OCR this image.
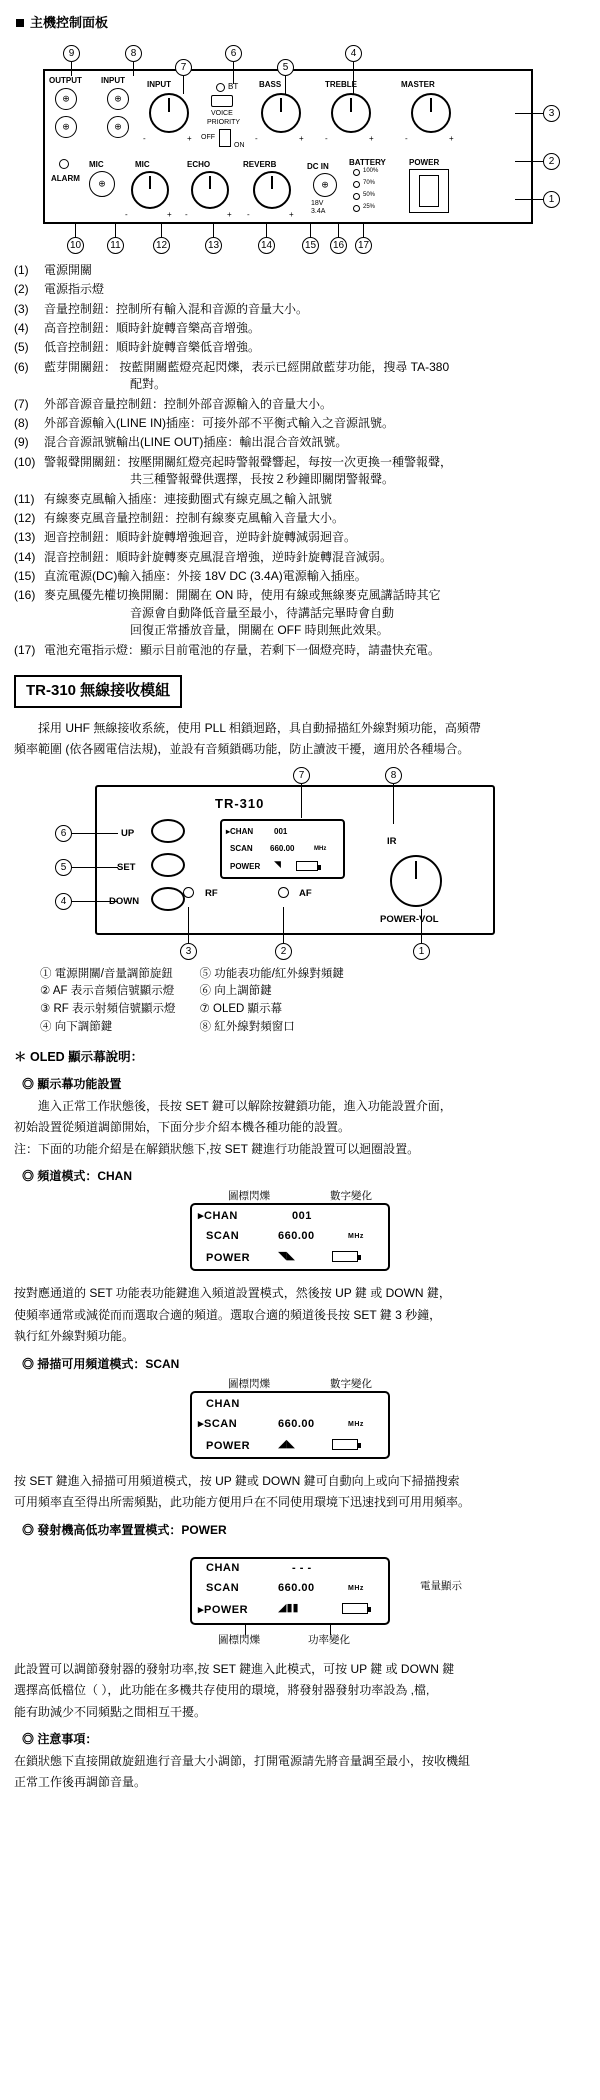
主機控制面板
9	8
7
6
5
4
3
2
1
10	11	12	13	14	15 16 17
OUTPUT INPUT
⊕
⊕
⊕
⊕	INPUT
-	+
BT
VOICE
PRIORITY
OFF
ON
BASS
-	+
TREBLE
-	+
MASTER
-	+
ALARM
MIC
⊕	MIC
-	+
ECHO
-	+
REVERB
-	+
DC IN
⊕
18V
3.4A
BATTERY
100%
70%
50%
25%
POWER
(1)	電源開關
(2)	電源指示燈
(3)	音量控制鈕：控制所有輸入混和音源的音量大小。
(4)	高音控制鈕：順時針旋轉音樂高音增強。
(5)	低音控制鈕：順時針旋轉音樂低音增強。
(6)	藍芽開關鈕： 按藍開關藍燈亮起閃爍，表示已經開啟藍芽功能，搜尋 TA-380
配對。
(7)	外部音源音量控制鈕：控制外部音源輸入的音量大小。
(8)	外部音源輸入(LINE IN)插座：可接外部不平衡式輸入之音源訊號。
(9)	混合音源訊號輸出(LINE OUT)插座：輸出混合音效訊號。
(10) 警報聲開關鈕：按壓開關紅燈亮起時警報聲響起，每按一次更換一種警報聲，
共三種警報聲供選擇，長按２秒鐘即關閉警報聲。
(11) 有線麥克風輸入插座：連接動圈式有線克風之輸入訊號
(12) 有線麥克風音量控制鈕：控制有線麥克風輸入音量大小。
(13) 迴音控制鈕：順時針旋轉增強迴音，逆時針旋轉減弱迴音。
(14) 混音控制鈕：順時針旋轉麥克風混音增強，逆時針旋轉混音減弱。
(15) 直流電源(DC)輸入插座：外接 18V DC (3.4A)電源輸入插座。
(16) 麥克風優先權切換開關：開關在 ON 時，使用有線或無線麥克風講話時其它
音源會自動降低音量至最小，待講話完畢時會自動
回復正常播放音量，開關在 OFF 時則無此效果。
(17) 電池充電指示燈：顯示目前電池的存量，若剩下一個燈亮時，請盡快充電。
TR-310 無線接收模組

採用 UHF 無線接收系統，使用 PLL 相鎖迴路，具自動掃描紅外線對頻功能，高頻帶

頻率範圍 (依各國電信法規)，並設有音頻鎖碼功能，防止讀波干擾，適用於各種場合。

TR-310
7	8
6
5
4
3	2	1
UP
SET
DOWN
▸CHAN	001
SCAN 660.00	MHz
POWER ◥
RF	AF
IR
POWER-VOL
① 電源開關/音量調節旋鈕
② AF 表示音頻信號顯示燈
③ RF 表示射頻信號顯示燈
④ 向下調節鍵
⑤ 功能表功能/紅外線對頻鍵
⑥ 向上調節鍵
⑦ OLED 顯示幕
⑧ 紅外線對頻窗口
＊ OLED 顯示幕說明：
◎ 顯示幕功能設置

進入正常工作狀態後，長按 SET 鍵可以解除按鍵鎖功能，進入功能設置介面，

初始設置從頻道調節開始，下面分步介紹本機各種功能的設置。

注：下面的功能介紹是在解鎖狀態下,按 SET 鍵進行功能設置可以迴圈設置。

◎ 頻道模式：CHAN
圖標閃爍	數字變化
▸CHAN	001
SCAN	660.00	MHz
POWER	◥◣

按對應通道的 SET 功能表功能鍵進入頻道設置模式，然後按 UP 鍵 或 DOWN 鍵，

使頻率通常或減從而而選取合適的頻道。選取合適的頻道後長按 SET 鍵 3 秒鐘，

執行紅外線對頻功能。

◎ 掃描可用頻道模式：SCAN
圖標閃爍	數字變化
CHAN
▸SCAN	660.00	MHz
POWER	◢◣

按 SET 鍵進入掃描可用頻道模式，按 UP 鍵或 DOWN 鍵可自動向上或向下掃描搜索

可用頻率直至得出所需頻點，此功能方便用戶在不同使用環境下迅速找到可用用頻率。

◎ 發射機高低功率置置模式：POWER
電量顯示
CHAN	- - -
SCAN	660.00	MHz
▸POWER	◢▮▮
圖標閃爍	功率變化

此設置可以調節發射器的發射功率,按 SET 鍵進入此模式，可按 UP 鍵 或 DOWN 鍵

選擇高低檔位（ ），此功能在多機共存使用的環境，將發射器發射功率設為 ,檔,

能有助減少不同頻點之間相互干擾。

◎ 注意事項：

在鎖狀態下直接開啟旋鈕進行音量大小調節，打開電源請先將音量調至最小，按收機組

正常工作後再調節音量。
